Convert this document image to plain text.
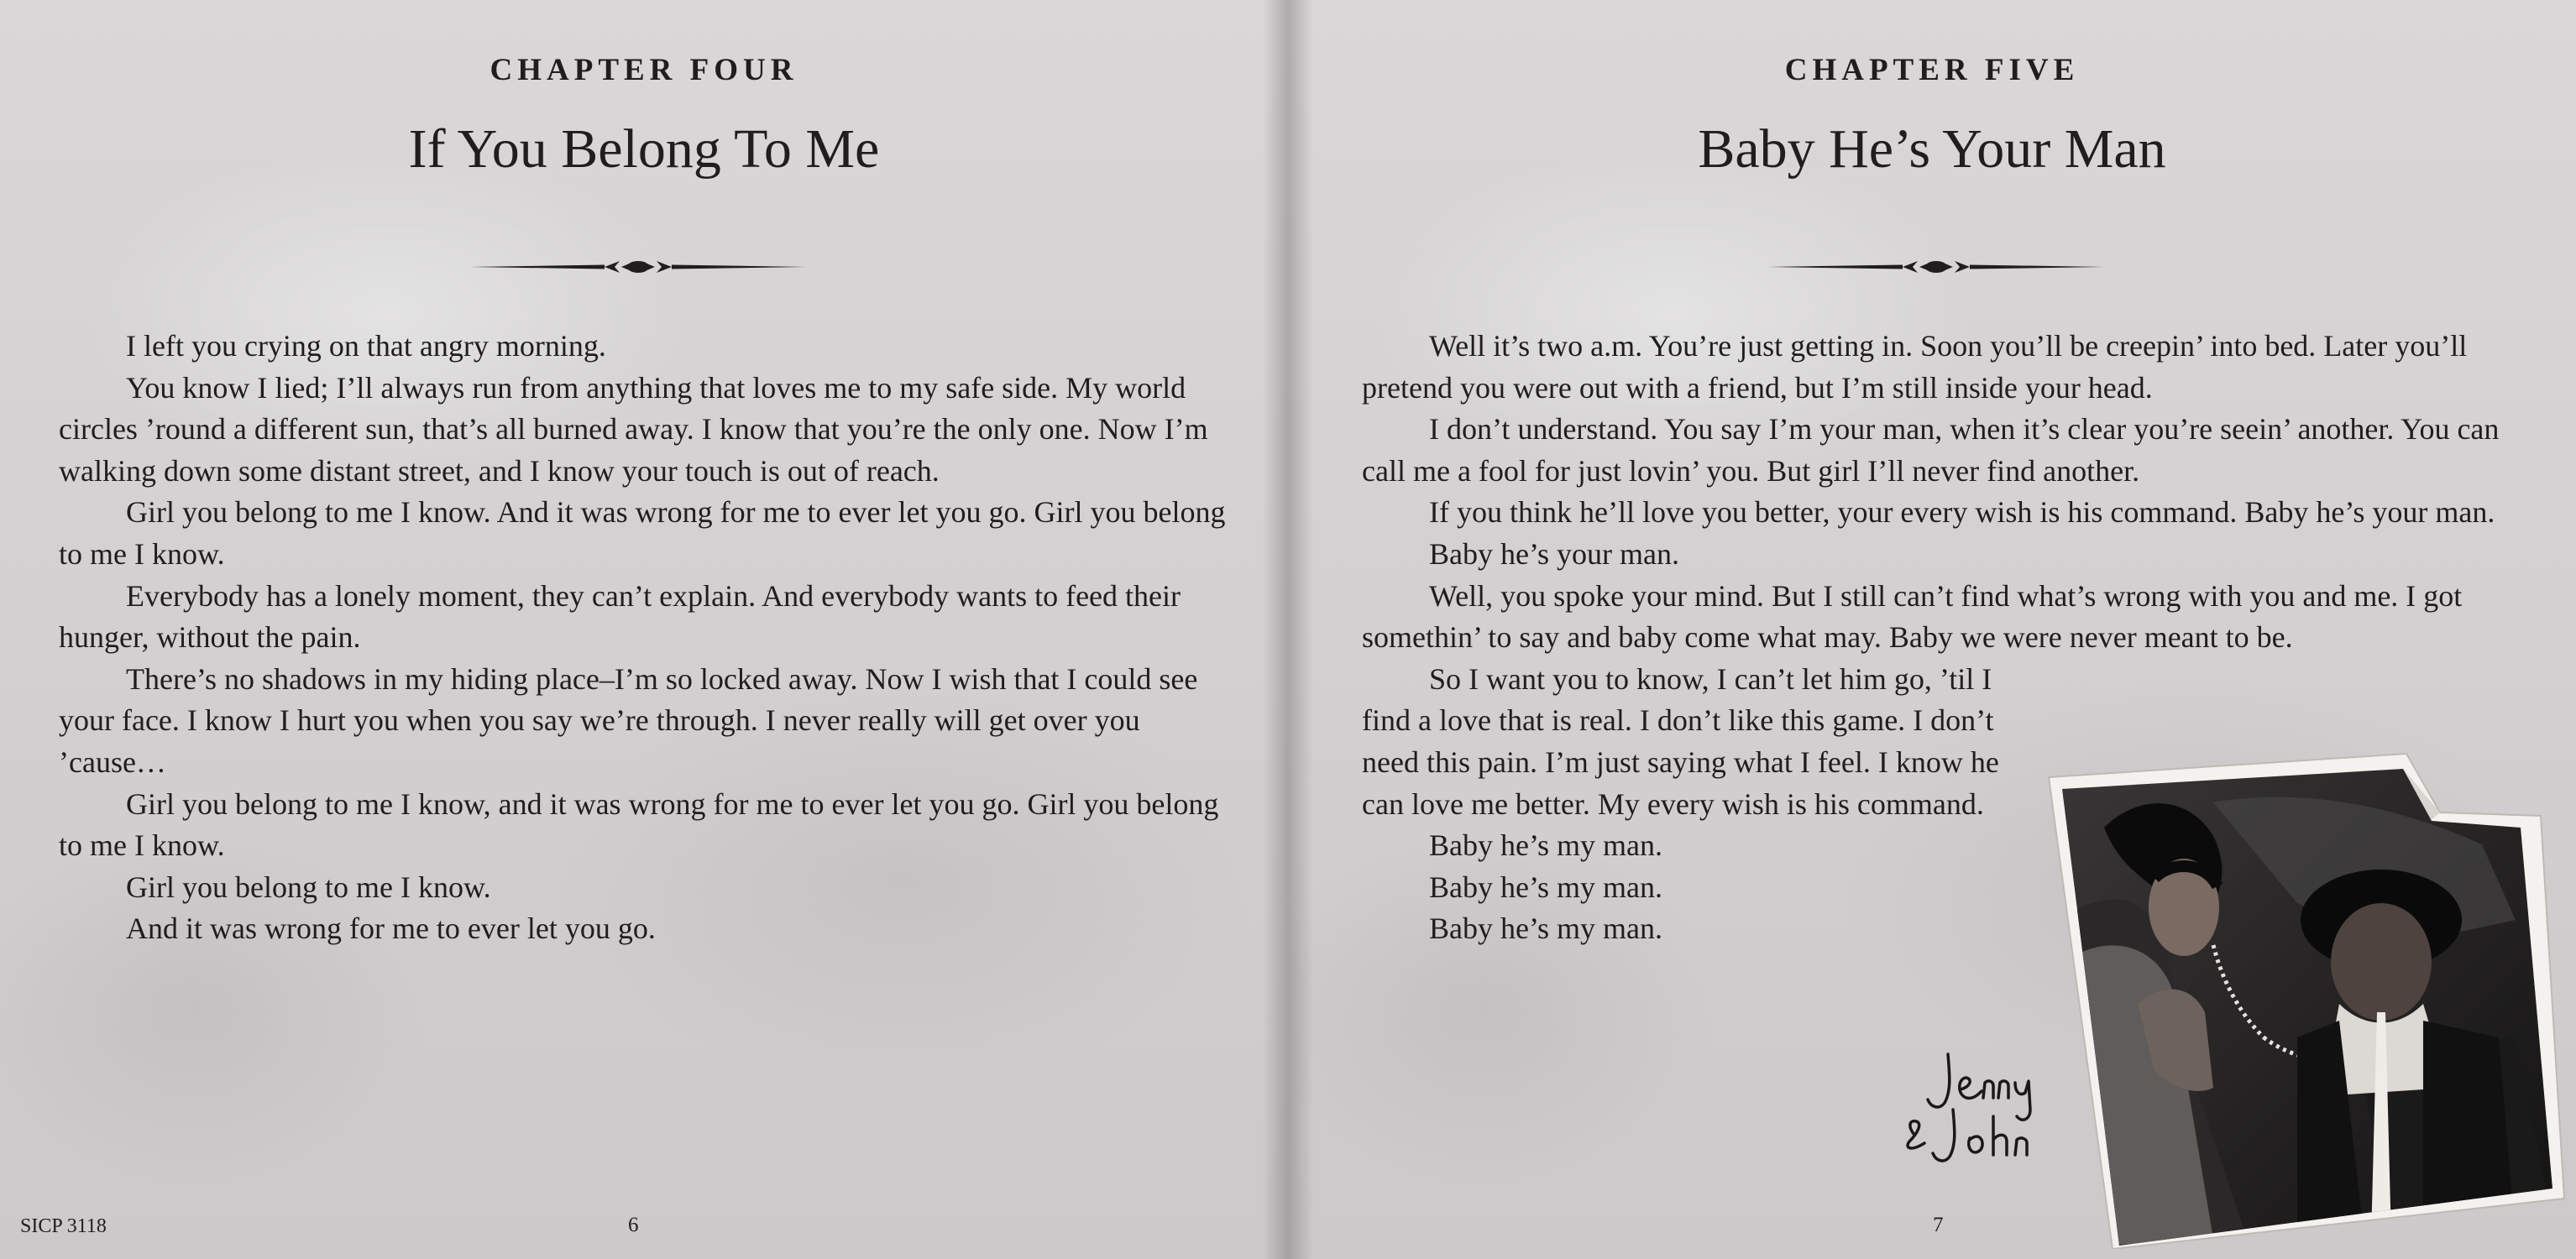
CHAPTER FOUR
If You Belong To Me

I left you crying on that angry morning.

You know I lied; I’ll always run from anything that loves me to my safe side. My world circles ’round a different sun, that’s all burned away. I know that you’re the only one. Now I’m walking down some distant street, and I know your touch is out of reach.

Girl you belong to me I know. And it was wrong for me to ever let you go. Girl you belong to me I know.

Everybody has a lonely moment, they can’t explain. And everybody wants to feed their hunger, without the pain.

There’s no shadows in my hiding place–I’m so locked away. Now I wish that I could see your face. I know I hurt you when you say we’re through. I never really will get over you ’cause…

Girl you belong to me I know, and it was wrong for me to ever let you go. Girl you belong to me I know.

Girl you belong to me I know.

And it was wrong for me to ever let you go.

SICP 3118	6
CHAPTER FIVE
Baby He’s Your Man

Well it’s two a.m. You’re just getting in. Soon you’ll be creepin’ into bed. Later you’ll pretend you were out with a friend, but I’m still inside your head.

I don’t understand. You say I’m your man, when it’s clear you’re seein’ another. You can call me a fool for just lovin’ you. But girl I’ll never find another.

If you think he’ll love you better, your every wish is his command. Baby he’s your man.

Baby he’s your man.

Well, you spoke your mind. But I still can’t find what’s wrong with you and me. I got somethin’ to say and baby come what may. Baby we were never meant to be.

So I want you to know, I can’t let him go, ’til I find a love that is real. I don’t like this game. I don’t need this pain. I’m just saying what I feel. I know he can love me better. My every wish is his command.

Baby he’s my man.

Baby he’s my man.

Baby he’s my man.

7
